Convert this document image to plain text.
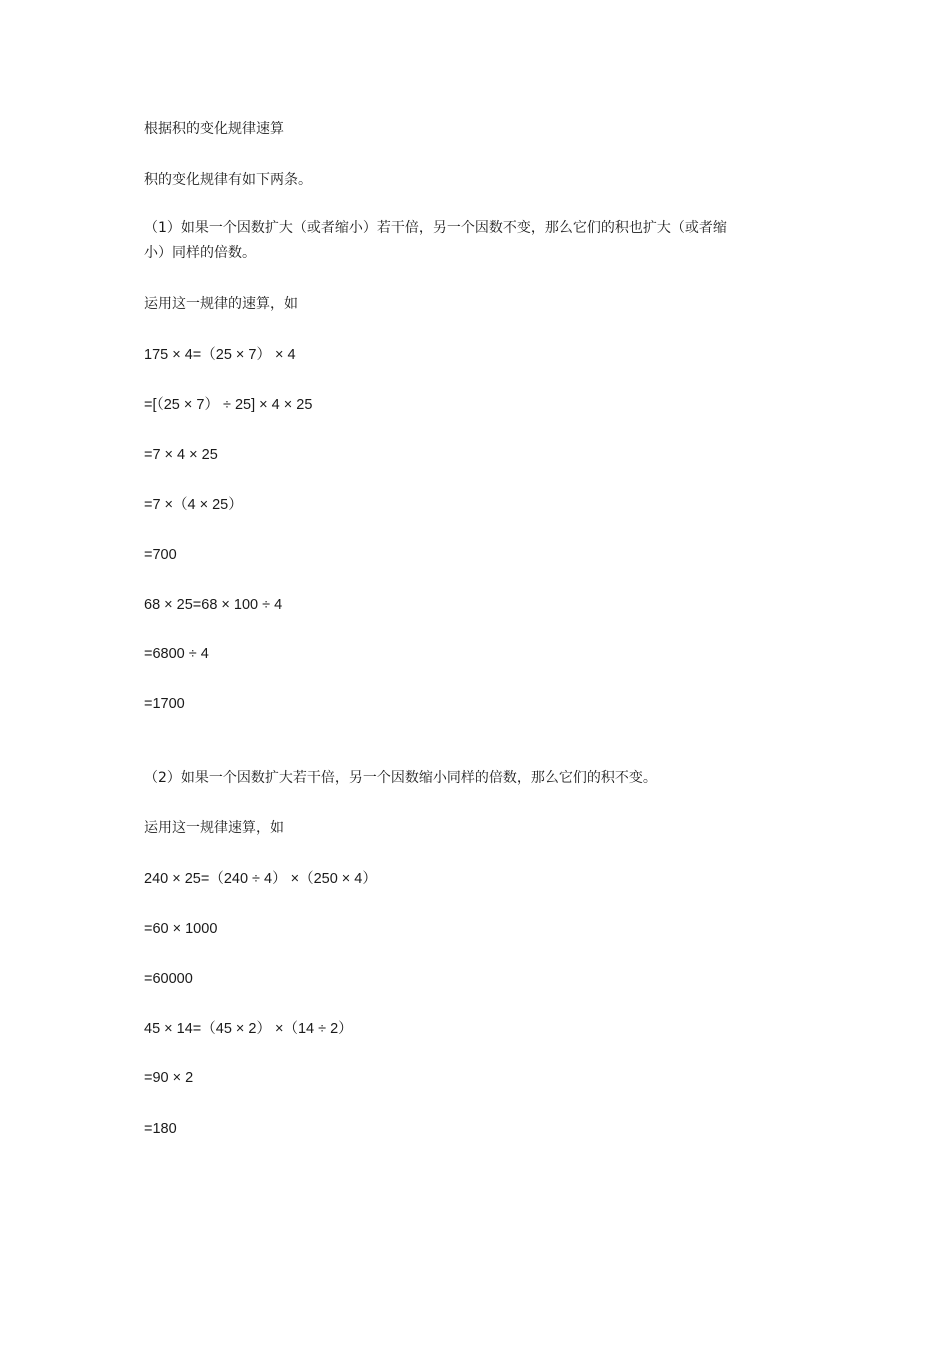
根据积的变化规律速算
积的变化规律有如下两条。
（1）如果一个因数扩大（或者缩小）若干倍，另一个因数不变，那么它们的积也扩大（或者缩小）同样的倍数。
运用这一规律的速算，如
175 × 4=（25 × 7） × 4
=[（25 × 7） ÷ 25] × 4 × 25
=7 × 4 × 25
=7 ×（4 × 25）
=700
68 × 25=68 × 100 ÷ 4
=6800 ÷ 4
=1700
（2）如果一个因数扩大若干倍，另一个因数缩小同样的倍数，那么它们的积不变。
运用这一规律速算，如
240 × 25=（240 ÷ 4） ×（250 × 4）
=60 × 1000
=60000
45 × 14=（45 × 2） ×（14 ÷ 2）
=90 × 2
=180
